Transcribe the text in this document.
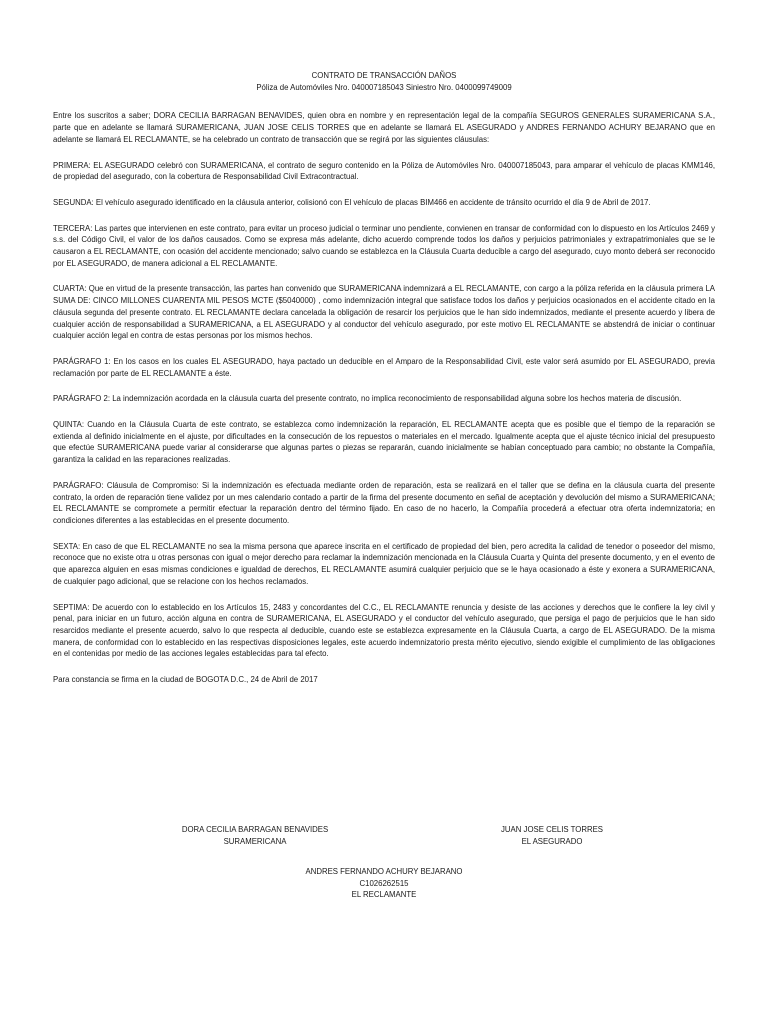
CONTRATO DE TRANSACCIÓN DAÑOS

Póliza de Automóviles Nro. 040007185043 Siniestro Nro. 0400099749009

Entre los suscritos a saber; DORA CECILIA BARRAGAN BENAVIDES, quien obra en nombre y en representación legal de la compañía SEGUROS GENERALES SURAMERICANA S.A., parte que en adelante se llamará SURAMERICANA, JUAN JOSE CELIS TORRES que en adelante se llamará EL ASEGURADO y ANDRES FERNANDO ACHURY BEJARANO que en adelante se llamará EL RECLAMANTE, se ha celebrado un contrato de transacción que se regirá por las siguientes cláusulas:

PRIMERA: EL ASEGURADO celebró con SURAMERICANA, el contrato de seguro contenido en la Póliza de Automóviles Nro. 040007185043, para amparar el vehículo de placas KMM146, de propiedad del asegurado, con la cobertura de Responsabilidad Civil Extracontractual.

SEGUNDA: El vehículo asegurado identificado en la cláusula anterior, colisionó con El vehículo de placas BIM466 en accidente de tránsito ocurrido el día 9 de Abril de 2017.

TERCERA: Las partes que intervienen en este contrato, para evitar un proceso judicial o terminar uno pendiente, convienen en transar de conformidad con lo dispuesto en los Artículos 2469 y s.s. del Código Civil, el valor de los daños causados. Como se expresa más adelante, dicho acuerdo comprende todos los daños y perjuicios patrimoniales y extrapatrimoniales que se le causaron a EL RECLAMANTE, con ocasión del accidente mencionado; salvo cuando se establezca en la Cláusula Cuarta deducible a cargo del asegurado, cuyo monto deberá ser reconocido por EL ASEGURADO, de manera adicional a EL RECLAMANTE.

CUARTA: Que en virtud de la presente transacción, las partes han convenido que SURAMERICANA indemnizará a EL RECLAMANTE, con cargo a la póliza referida en la cláusula primera LA SUMA DE: CINCO MILLONES CUARENTA MIL PESOS MCTE ($5040000) , como indemnización integral que satisface todos los daños y perjuicios ocasionados en el accidente citado en la cláusula segunda del presente contrato. EL RECLAMANTE declara cancelada la obligación de resarcir los perjuicios que le han sido indemnizados, mediante el presente acuerdo y libera de cualquier acción de responsabilidad a SURAMERICANA, a EL ASEGURADO y al conductor del vehículo asegurado, por este motivo EL RECLAMANTE se abstendrá de iniciar o continuar cualquier acción legal en contra de estas personas por los mismos hechos.

PARÁGRAFO 1: En los casos en los cuales EL ASEGURADO, haya pactado un deducible en el Amparo de la Responsabilidad Civil, este valor será asumido por EL ASEGURADO, previa reclamación por parte de EL RECLAMANTE a éste.

PARÁGRAFO 2: La indemnización acordada en la cláusula cuarta del presente contrato, no implica reconocimiento de responsabilidad alguna sobre los hechos materia de discusión.

QUINTA: Cuando en la Cláusula Cuarta de este contrato, se establezca como indemnización la reparación, EL RECLAMANTE acepta que es posible que el tiempo de la reparación se extienda al definido inicialmente en el ajuste, por dificultades en la consecución de los repuestos o materiales en el mercado. Igualmente acepta que el ajuste técnico inicial del presupuesto que efectúe SURAMERICANA puede variar al considerarse que algunas partes o piezas se repararán, cuando inicialmente se habían conceptuado para cambio; no obstante la Compañía, garantiza la calidad en las reparaciones realizadas.

PARÁGRAFO: Cláusula de Compromiso: Si la indemnización es efectuada mediante orden de reparación, esta se realizará en el taller que se defina en la cláusula cuarta del presente contrato, la orden de reparación tiene validez por un mes calendario contado a partir de la firma del presente documento en señal de aceptación y devolución del mismo a SURAMERICANA; EL RECLAMANTE se compromete a permitir efectuar la reparación dentro del término fijado. En caso de no hacerlo, la Compañía procederá a efectuar otra oferta indemnizatoria; en condiciones diferentes a las establecidas en el presente documento.

SEXTA: En caso de que EL RECLAMANTE no sea la misma persona que aparece inscrita en el certificado de propiedad del bien, pero acredita la calidad de tenedor o poseedor del mismo, reconoce que no existe otra u otras personas con igual o mejor derecho para reclamar la indemnización mencionada en la Cláusula Cuarta y Quinta del presente documento, y en el evento de que aparezca alguien en esas mismas condiciones e igualdad de derechos, EL RECLAMANTE asumirá cualquier perjuicio que se le haya ocasionado a éste y exonera a SURAMERICANA, de cualquier pago adicional, que se relacione con los hechos reclamados.

SEPTIMA: De acuerdo con lo establecido en los Artículos 15, 2483 y concordantes del C.C., EL RECLAMANTE renuncia y desiste de las acciones y derechos que le confiere la ley civil y penal, para iniciar en un futuro, acción alguna en contra de SURAMERICANA, EL ASEGURADO y el conductor del vehículo asegurado, que persiga el pago de perjuicios que le han sido resarcidos mediante el presente acuerdo, salvo lo que respecta al deducible, cuando este se establezca expresamente en la Cláusula Cuarta, a cargo de EL ASEGURADO. De la misma manera, de conformidad con lo establecido en las respectivas disposiciones legales, este acuerdo indemnizatorio presta mérito ejecutivo, siendo exigible el cumplimiento de las obligaciones en el contenidas por medio de las acciones legales establecidas para tal efecto.

Para constancia se firma en la ciudad de BOGOTA D.C., 24 de Abril de 2017

DORA CECILIA BARRAGAN BENAVIDES
SURAMERICANA
JUAN JOSE CELIS TORRES
EL ASEGURADO
ANDRES FERNANDO ACHURY BEJARANO
C1026262515
EL RECLAMANTE
